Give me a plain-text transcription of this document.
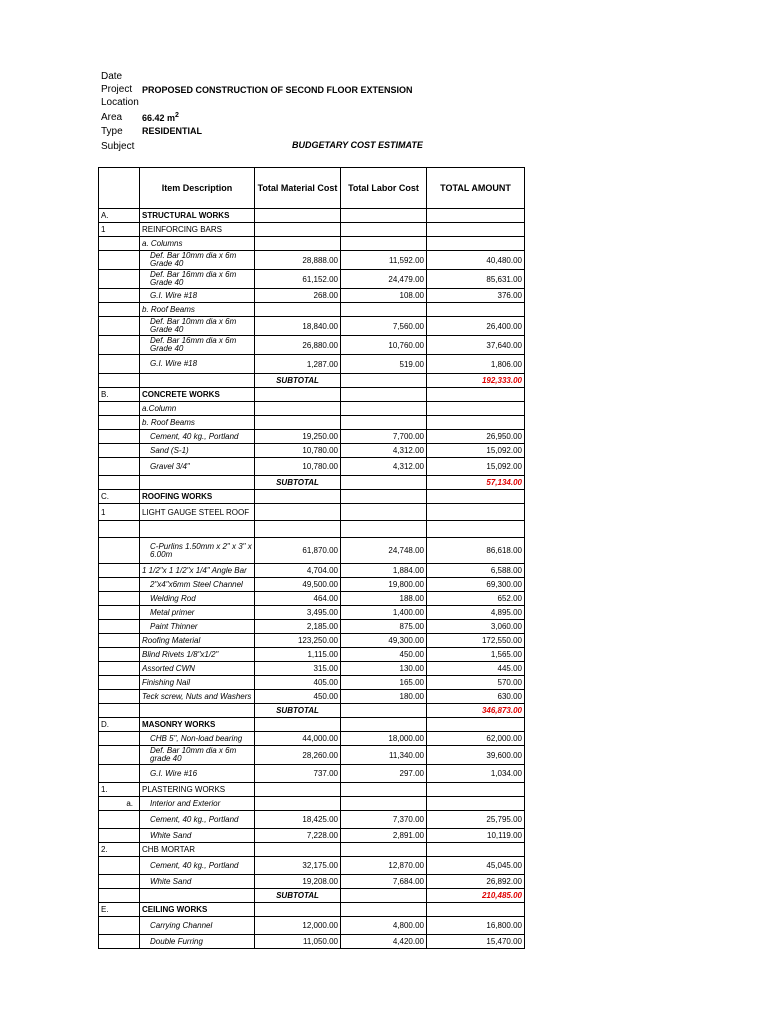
Date
Project PROPOSED CONSTRUCTION OF SECOND FLOOR EXTENSION
Location
Area 66.42 $m^2$
Type RESIDENTIAL
Subject	BUDGETARY COST ESTIMATE
	Item Description	Total Material Cost	Total Labor Cost	TOTAL AMOUNT
A.	STRUCTURAL WORKS			
1	REINFORCING BARS			
	a. Columns			
	Def. Bar 10mm dia x 6m Grade 40	28,888.00	11,592.00	40,480.00
	Def. Bar 16mm dia x 6m Grade 40	61,152.00	24,479.00	85,631.00
	G.I. Wire #18	268.00	108.00	376.00
	b. Roof Beams			
	Def. Bar 10mm dia x 6m Grade 40	18,840.00	7,560.00	26,400.00
	Def. Bar 16mm dia x 6m Grade 40	26,880.00	10,760.00	37,640.00
	G.I. Wire #18	1,287.00	519.00	1,806.00
		SUBTOTAL		192,333.00
B.	CONCRETE WORKS			
	a.Column			
	b. Roof Beams			
	Cement, 40 kg., Portland	19,250.00	7,700.00	26,950.00
	Sand (S-1)	10,780.00	4,312.00	15,092.00
	Gravel 3/4"	10,780.00	4,312.00	15,092.00
		SUBTOTAL		57,134.00
C.	ROOFING WORKS			
1	LIGHT GAUGE STEEL ROOF			

	C-Purlins 1.50mm x 2" x 3" x 6.00m	61,870.00	24,748.00	86,618.00
	1 1/2"x 1 1/2"x 1/4" Angle Bar	4,704.00	1,884.00	6,588.00
	2"x4"x6mm Steel Channel	49,500.00	19,800.00	69,300.00
	Welding Rod	464.00	188.00	652.00
	Metal primer	3,495.00	1,400.00	4,895.00
	Paint Thinner	2,185.00	875.00	3,060.00
	Roofing Material	123,250.00	49,300.00	172,550.00
	Blind Rivets 1/8"x1/2"	1,115.00	450.00	1,565.00
	Assorted CWN	315.00	130.00	445.00
	Finishing Nail	405.00	165.00	570.00
	Teck screw, Nuts and Washers	450.00	180.00	630.00
		SUBTOTAL		346,873.00
D.	MASONRY WORKS			
	CHB 5", Non-load bearing	44,000.00	18,000.00	62,000.00
	Def. Bar 10mm dia x 6m grade 40	28,260.00	11,340.00	39,600.00
	G.I. Wire #16	737.00	297.00	1,034.00
1.	PLASTERING WORKS			
a.	Interior and Exterior			
	Cement, 40 kg., Portland	18,425.00	7,370.00	25,795.00
	White Sand	7,228.00	2,891.00	10,119.00
2.	CHB MORTAR			
	Cement, 40 kg., Portland	32,175.00	12,870.00	45,045.00
	White Sand	19,208.00	7,684.00	26,892.00
		SUBTOTAL		210,485.00
E.	CEILING WORKS			
	Carrying Channel	12,000.00	4,800.00	16,800.00
	Double Furring	11,050.00	4,420.00	15,470.00
